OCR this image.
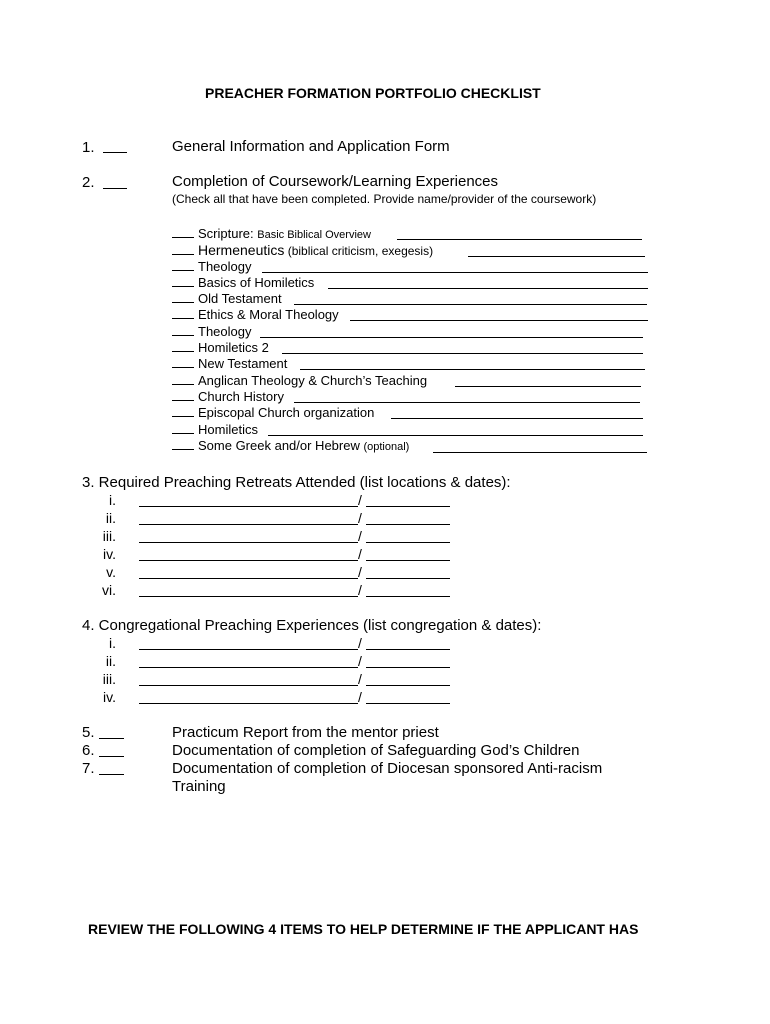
PREACHER FORMATION PORTFOLIO CHECKLIST
1.	General Information and Application Form
2.	Completion of Coursework/Learning Experiences
(Check all that have been completed. Provide name/provider of the coursework)
Scripture: Basic Biblical Overview
Hermeneutics (biblical criticism, exegesis)
Theology
Basics of Homiletics
Old Testament
Ethics & Moral Theology
Theology
Homiletics 2
New Testament
Anglican Theology & Church’s Teaching
Church History
Episcopal Church organization
Homiletics
Some Greek and/or Hebrew (optional)
3. Required Preaching Retreats Attended (list locations & dates):
i.	/
ii.	/
iii.	/
iv.	/
v.	/
vi.	/
4. Congregational Preaching Experiences (list congregation & dates):
i.	/
ii.	/
iii.	/
iv.	/
5.	Practicum Report from the mentor priest
6.	Documentation of completion of Safeguarding God’s Children
7.	Documentation of completion of Diocesan sponsored Anti-racism
Training
REVIEW THE FOLLOWING 4 ITEMS TO HELP DETERMINE IF THE APPLICANT HAS
